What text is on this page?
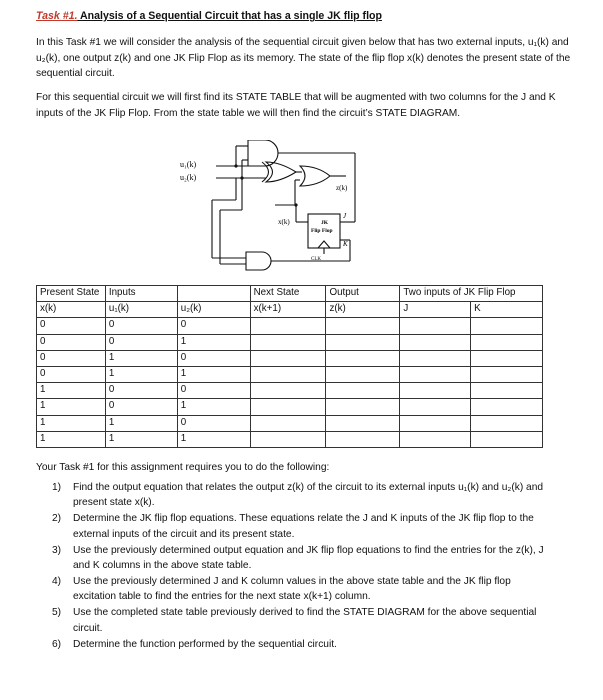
Task #1. Analysis of a Sequential Circuit that has a single JK flip flop
In this Task #1 we will consider the analysis of the sequential circuit given below that has two external inputs, u₁(k) and u₂(k), one output z(k) and one JK Flip Flop as its memory. The state of the flip flop x(k) denotes the present state of the sequential circuit.
For this sequential circuit we will first find its STATE TABLE that will be augmented with two columns for the J and K inputs of the JK Flip Flop. From the state table we will then find the circuit’s STATE DIAGRAM.
u₁(k)
u₂(k)
z(k)
x(k)	JK
Flip Flop
J
K
CLK
Present State	Inputs		Next State	Output	Two inputs of JK Flip Flop	
x(k)	u₁(k)	u₂(k)	x(k+1)	z(k)	J	K
0	0	0				
0	0	1				
0	1	0				
0	1	1				
1	0	0				
1	0	1				
1	1	0				
1	1	1				
Your Task #1 for this assignment requires you to do the following:
1) Find the output equation that relates the output z(k) of the circuit to its external inputs u₁(k) and u₂(k) and present state x(k).
2) Determine the JK flip flop equations. These equations relate the J and K inputs of the JK flip flop to the external inputs of the circuit and its present state.
3) Use the previously determined output equation and JK flip flop equations to find the entries for the z(k), J and K columns in the above state table.
4) Use the previously determined J and K column values in the above state table and the JK flip flop excitation table to find the entries for the next state x(k+1) column.
5) Use the completed state table previously derived to find the STATE DIAGRAM for the above sequential circuit.
6) Determine the function performed by the sequential circuit.
